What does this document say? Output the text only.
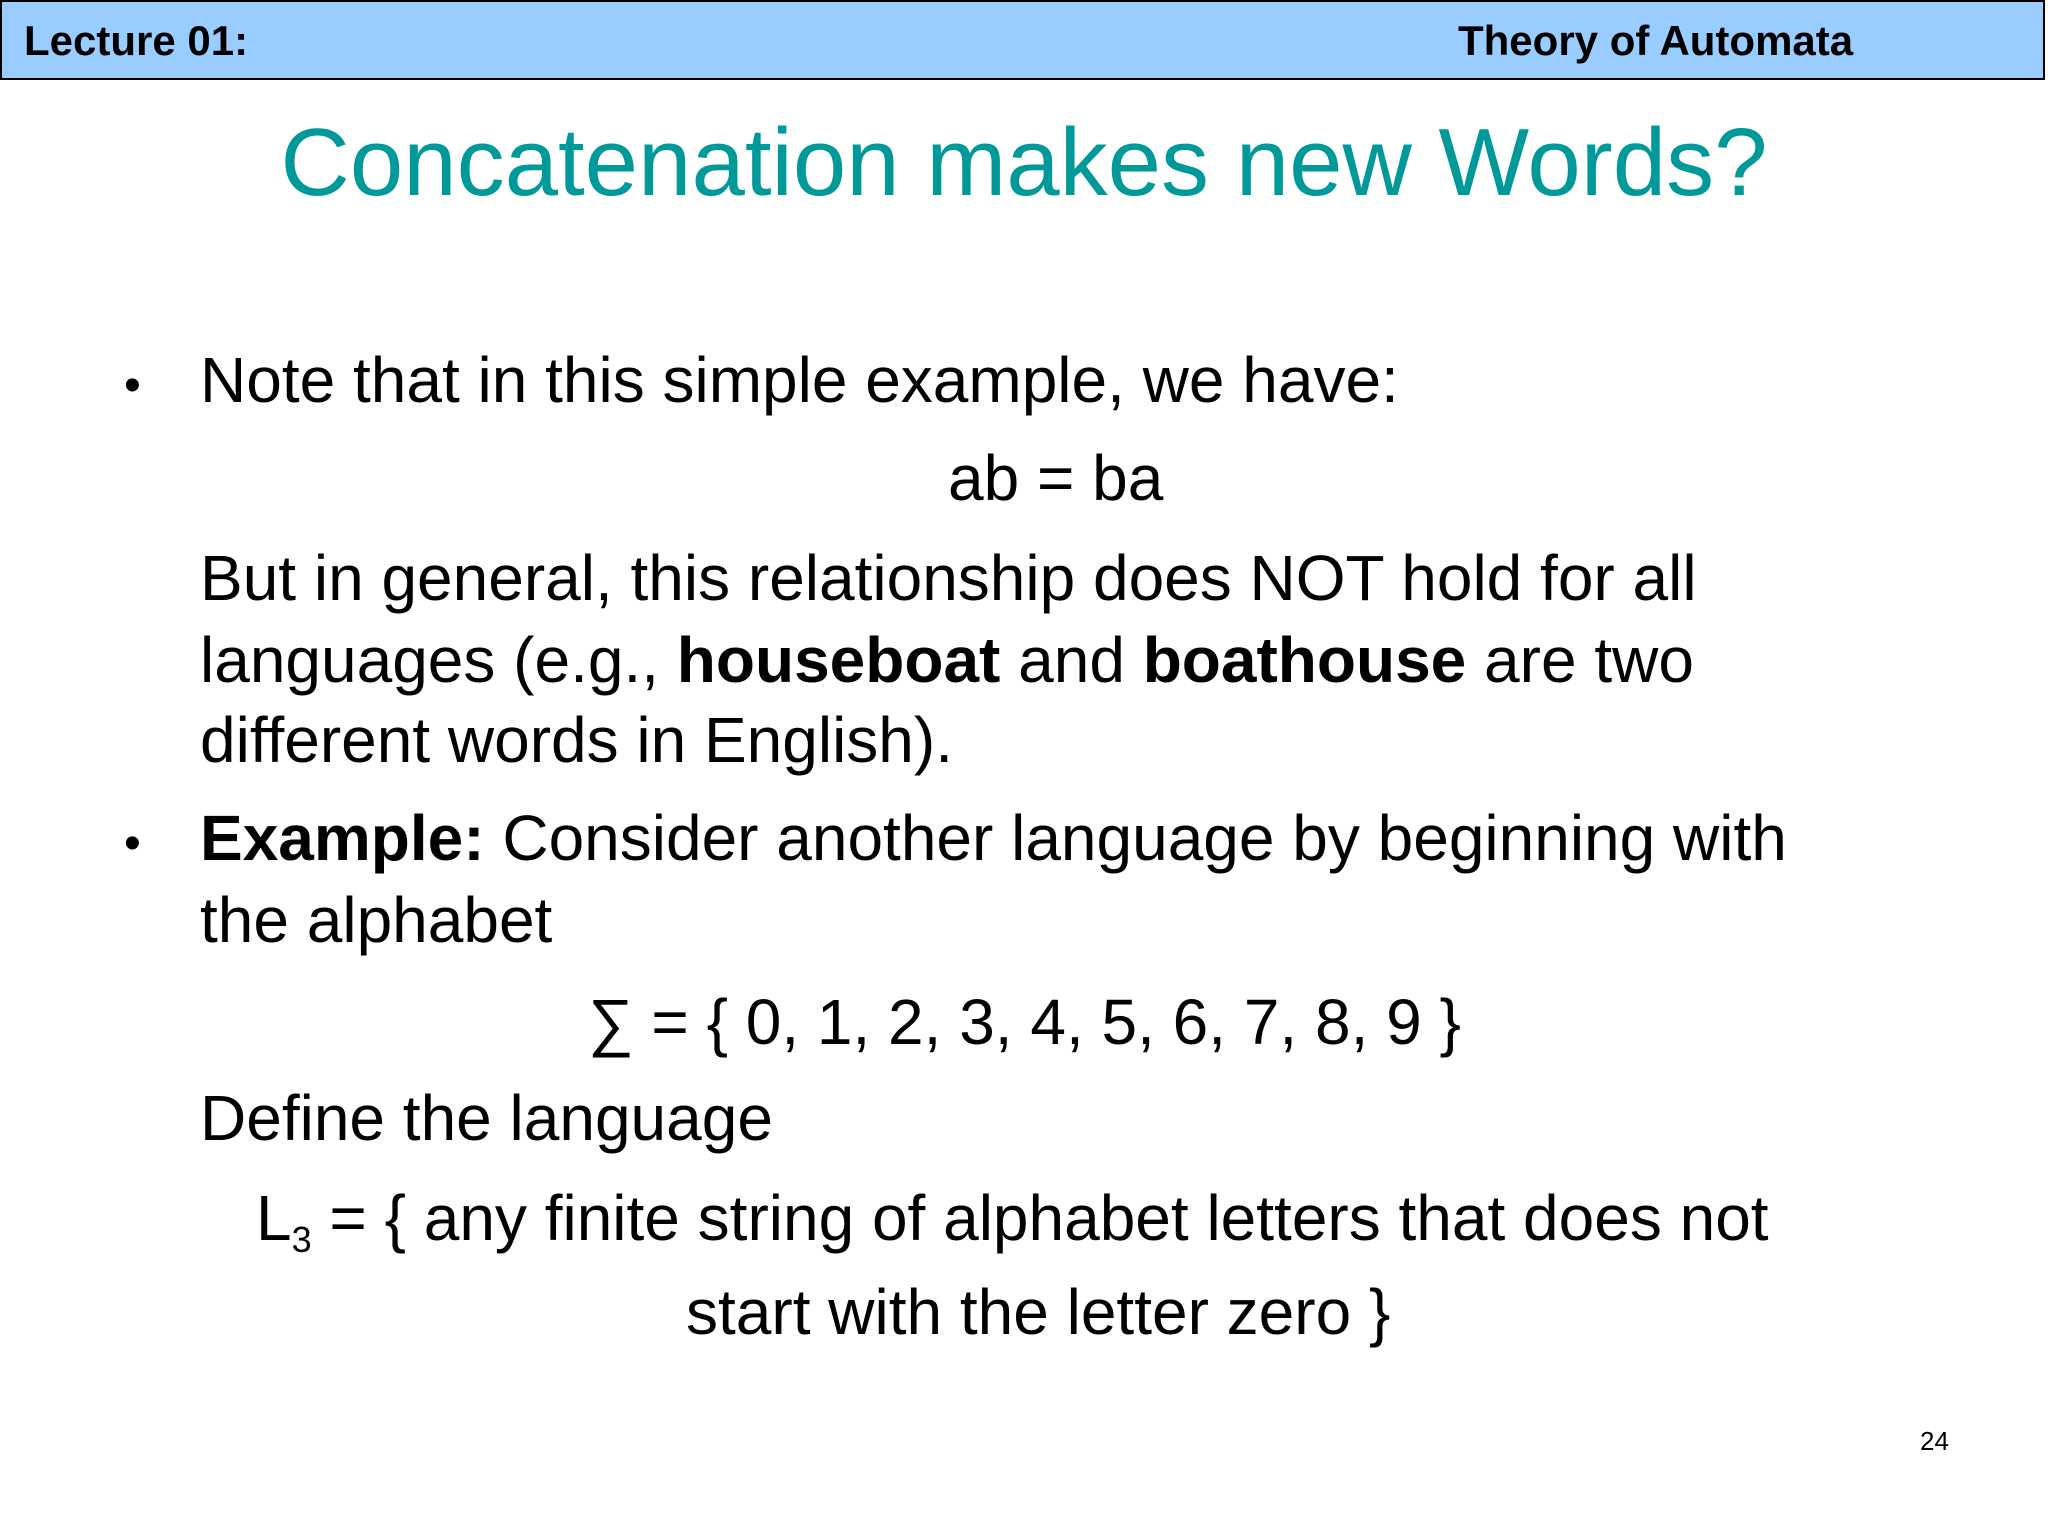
Lecture 01:	Theory of Automata
Concatenation makes new Words?
• Note that in this simple example, we have:
ab = ba
But in general, this relationship does NOT hold for all
languages (e.g., houseboat and boathouse are two
different words in English).
• Example: Consider another language by beginning with
the alphabet
∑ = { 0, 1, 2, 3, 4, 5, 6, 7, 8, 9 }
Define the language
$L_3$ = { any finite string of alphabet letters that does not
start with the letter zero }
24
